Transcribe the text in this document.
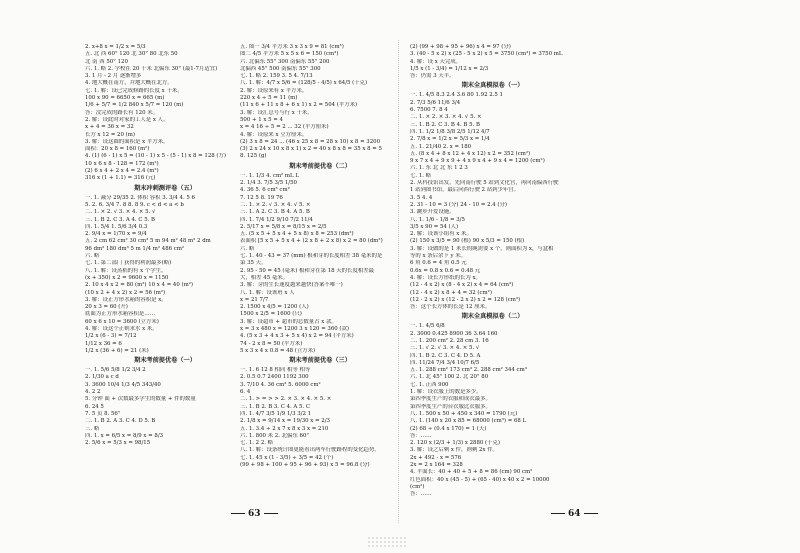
2. x+8 x = 1/2 x = 5/3
五. 北 西 60° 120 北 30° 80 北东 50
北 南 西 50° 120
六. 1. 略 2. 学校在 20 千米 北偏东 30° (最1-7月适宜)
3. 1 月 - 2 月 逐渐增多
4. 地大概在南方，并地大概在北方。
七. 1. 解：设已完成修路的长度 x 千米。
100 x 90 = 6650 x = 665 (m)
1/6 + 5/7 = 1/2 840 x 5/7 = 120 (m)
答：没完成的路长有 120 米。
2. 解：设此时对家的工人是 x 人。
x + 4 = 36 x = 32
长方 x 12 = 20 (m)
3. 解：设这圆的面积是 x 平方米。
面积：20 x 8 = 160 (m²)
4. (1) (6 - 1) x 5 = (10 - 1) x 5 - (5 - 1) x 8 = 128 (方)
10 x 6 x 8 - 128 = 172 (m²)
(2) 6 x 4 + 2 x 4 = 2.4 (m²)
316 x (1 + 1.1) = 316 (元)
期末冲刺测评卷（五）
一. 1. 减分 29/35 2. 体积 容积 3. 3/4 4. 5 6
5. 2. 6. 3/4 7. 8 8. 8 9. c < d < a < b
二. 1. × 2. √ 3. × 4. × 5. √
三. 1. B 2. C 3. A 4. C 5. B
四. 1. 5/4 1. 5/6 3/4 0.3
2. 9/4 x = 1/70 x = 9/4
五. 2 cm 62 cm² 30 cm³ 5 m 94 m² 48 m³ 2 dm
96 dm² 180 dm³ 5 m 1/4 m² 486 cm²
六. 略
七. 1. 第二部门 获得的利润最多(略)
八. 1. 解：设蒸稻的有 x 个学生。
(x + 350) x 2 = 9600 x = 1150
2. 10 x 4 x 2 = 80 (m²) 10 x 4 = 40 (m²)
(10 x 2 + 4 x 2) x 2 = 56 (m²)
3. 解：设正方形水箱的容积是 x。
20 x 3 = 60 (升)
底面为正方形水箱容积是……
60 x 6 x 10 = 3600 (立方米)
4. 解：设这个正则求水 x 米。
1/2 x (6 - 3) = 7/12
1/12 x 36 = 6
1/2 x (36 + 6) = 21 (米)
期末考前提优卷（一）
一. 1. 5/6 5/8 1/2 3/4 2
2. 1/30 a c d
3. 3600 10/4 1/3 4/5 343/40
4. 2 2
5. 分钟 面 + 次数最多学生的数量 + 件的数量
6. 24 5
7. 5 页 8. 56°
二. 1. B 2. A 3. C 4. D 5. B
三. 略
四. 1. x = 6/5 x = 8/9 x = 8/3
2. 5/6 x = 5/3 x = 98/15
五. 图一 3/4 平方米 3 x 3 x 9 = 81 (cm³)
图二 4/5 平方米 5 x 5 x 6 = 150 (cm³)
六. 北偏东 55° 300 南偏东 55° 200
北偏西 45° 500 南偏东 55° 300
七. 1. 略 2. 159 3. 5 4. 7/13
八. 1. 解：4/7 x 5/6 = (128/5 - 4/5) x 64/5 (千克)
2. 解：设原来有 x 平方米。
220 x 4 ÷ 5 = 11 (m)
(11 x 6 + 11 x 8 + 6 x 1) x 2 = 504 (平方米)
3. 解：设汇总号与行 x 千米。
500 + 1 x 5 = 4
x = 4 16 ÷ 5 = 2 ... 32 (平方厘米)
4. 解：设原来 x 立方厘米。
(2) 3 x 8 = 24 ... (46 x 25 x 8 = 28 x 10) x 8 = 3200
(3) 2 x 24 x 10 x 8 x 1) x 2 = 40 x 8 x 8 = 35 x 8 = 5
8. 125 (g)
期末考前提优卷（二）
一. 1. 1/3 4. cm² mL L
2. 1/4 3. 7/5 3/5 1/50
4. 36 5. 6 cm³ cm²
7. 12 5 8. 19 76
二. 1. × 2. √ 3. × 4. √ 5. ×
三. 1. A 2. C 3. B 4. A 5. B
四. 1. 7/4 1/2 9/10 7/2 11/4
2. 5/17 x = 5/8 x = 8/15 x = 2/5
五. (5 x 5 + 5 x 4 + 5 x 8) x 8 = 253 (dm²)
表面积 [5 x 5 + 5 x 4 + (2 x 8 + 2 x 8) x 2 = 80 (dm²)
六. 略
七. 1. 40 - 43 = 37 (mm) 根和芽的长度相差 38 毫米的是
第 35 天。
2. 95 - 50 = 45 (毫米) 根和芽在第 18 天的长度相差最
大，相差 45 毫米。
3. 解：芽的生长速度越来越快(答案不唯一)
八. 1. 解：设该班 x 人
x = 21 7/7
2. 1500 x 4/5 = 1200 (人)
1500 x 2/5 = 1600 (只)
3. 解：设超市 + 超市的总数量占 x 款。
x = 3 x 480 x = 1200 3 x 120 = 360 (款)
4. (5 x 3 + 4 x 3 + 5 x 4) x 2 = 94 (平方米)
74 - 2 x 8 = 50 (平方米)
5 x 3 x 4 x 0.8 = 48 (立方米)
期末考前提优卷（三）
一. 1. 6 12 8 相同 相等 相等
2. 0.5 0.7 2400 1192 300
3. 7/10 4. 36 cm³ 5. 6000 cm²
6. 4
二. 1. > = > > 2. × 3. × 4. × 5. ×
三. 1. B 2. B 3. C 4. A 5. C
四. 1. 4/7 3/5 1/9 1/3 3/2 1
2. 1/8 x = 9/14 x = 19/30 x = 2/3
五. 1. 3.4 ÷ 2 x 7 x 8 x 3 x = 210
六. 1. 800 米 2. 北偏东 60°
七. 1. 2 2. 略
八. 1. 解：设条统计图更能看出两车行驶路程的变化趋势。
七. 1. 45 x (1 - 3/5) ÷ 3/5 = 42 (个)
(99 + 98 + 100 + 95 + 96 + 93) x 5 = 96.8 (分)
(2) (99 + 98 + 95 + 96) x 4 = 97 (分)
3. (40 - 5 x 2) x (25 - 5 x 2) x 5 = 3750 (cm³) = 3750 mL
4. 解：设 x 天完成。
1/5 x (1 - 3/4) = 1/12 x = 2/3
答：仍需 3 天半。
期末全真模拟卷（一）
一. 1. 4/5 8.3 2.4 3.6 80 1.92 2.5 1
2. 7/3 5/6 11/6 3/4
6. 7500 7. 8 4
二. 1. × 2. × 3. × 4. √ 5. ×
三. 1. B 2. C 3. B 4. B 5. B
四. 1. 1/2 1/8 3/8 2/5 1/12 4/7
2. 7/8 x = 1/2 x = 5/3 x = 1/4
五. 1. 21/40 2. x = 180
五. (8 x 4 + 8 x 12 + 4 x 12) x 2 = 352 (cm²)
9 x 7 x 4 + 9 x 9 + 4 x 9 x 4 + 9 x 4 = 1200 (cm²)
六. 1. 东 北 北 东 1 2 3
七. 1. 略
2. 从科技馆出发，先向南行驶 5 站到文化宫，再向南偏西行驶
1 站到图书馆，最后向西行驶 2 站到少年宫。
3. 5 4. 4
2. 31 - 10 = 3 (分) 24 - 10 = 2.4 (分)
3. 跳步开爱设施。
八. 1. 1/6 - 1/8 = 3/5
3/5 x 90 = 54 (人)
2. 解：设该小组有 x 米。
(2) 150 x 3/5 = 90 (根) 90 x 5/3 = 150 (根)
3. 解：设做的是 1 米长的绳需要 x 个，则面积为 x，与盒相
等的 x 条后余下 y 米。
6 角 0.6 = 4 角 0.5 元
0.6x = 0.8 x 0.6 = 0.48 元
4. 解：设长方形纸的长为 x。
(12 - 4 x 2) x (8 - 4 x 2) x 4 = 64 (cm³)
(12 - 4 x 2) x 8 + 4 = 32 (cm²)
(12 - 2 x 2) x (12 - 2 x 2) x 2 = 128 (cm³)
答：这个长方体的长是 12 厘米。
期末全真模拟卷（二）
一. 1. 4/5 6/8
2. 3000 0.425 8900 36 3.64 160
二. 1. 200 cm² 2. 28 cm 3. 16
三. 1. √ 2. √ 3. × 4. × 5. √
四. 1. B 2. C 3. C 4. D 5. A
四. 11/24 7/4 3/4 10/7 6/5
五. 1. 288 cm² 173 cm³ 2. 288 cm² 344 cm³
六. 1. 北 45° 100 2. 北 20° 80
七. 1. 正西 900
1. 解：设衣服上的数是多少。
第四季度生产的衣服和成衣最多。
第四季度生产的台衣服比衣服多。
八. 1. 500 x 50 + 450 x 340 = 1790 (元)
八. 1. (140 x 20 x 85 = 68000 (cm³) = 68 L
(2) 68 ÷ (0.4 x 170) = 1 (天)
答：……
2. 120 x (2/3 + 1/3) x 2880 (千克)
3. 解：设之后剩 x 件，则剩 2x 件。
2x + 492 - x = 576
2x = 2 x 164 = 328
4. 平面长：40 + 40 + 5 + 8 = 86 (cm) 90 cm²
红色面积：40 x (45 - 5) + (65 - 40) x 40 x 2 = 10000
(cm²)
答：……
63	64
